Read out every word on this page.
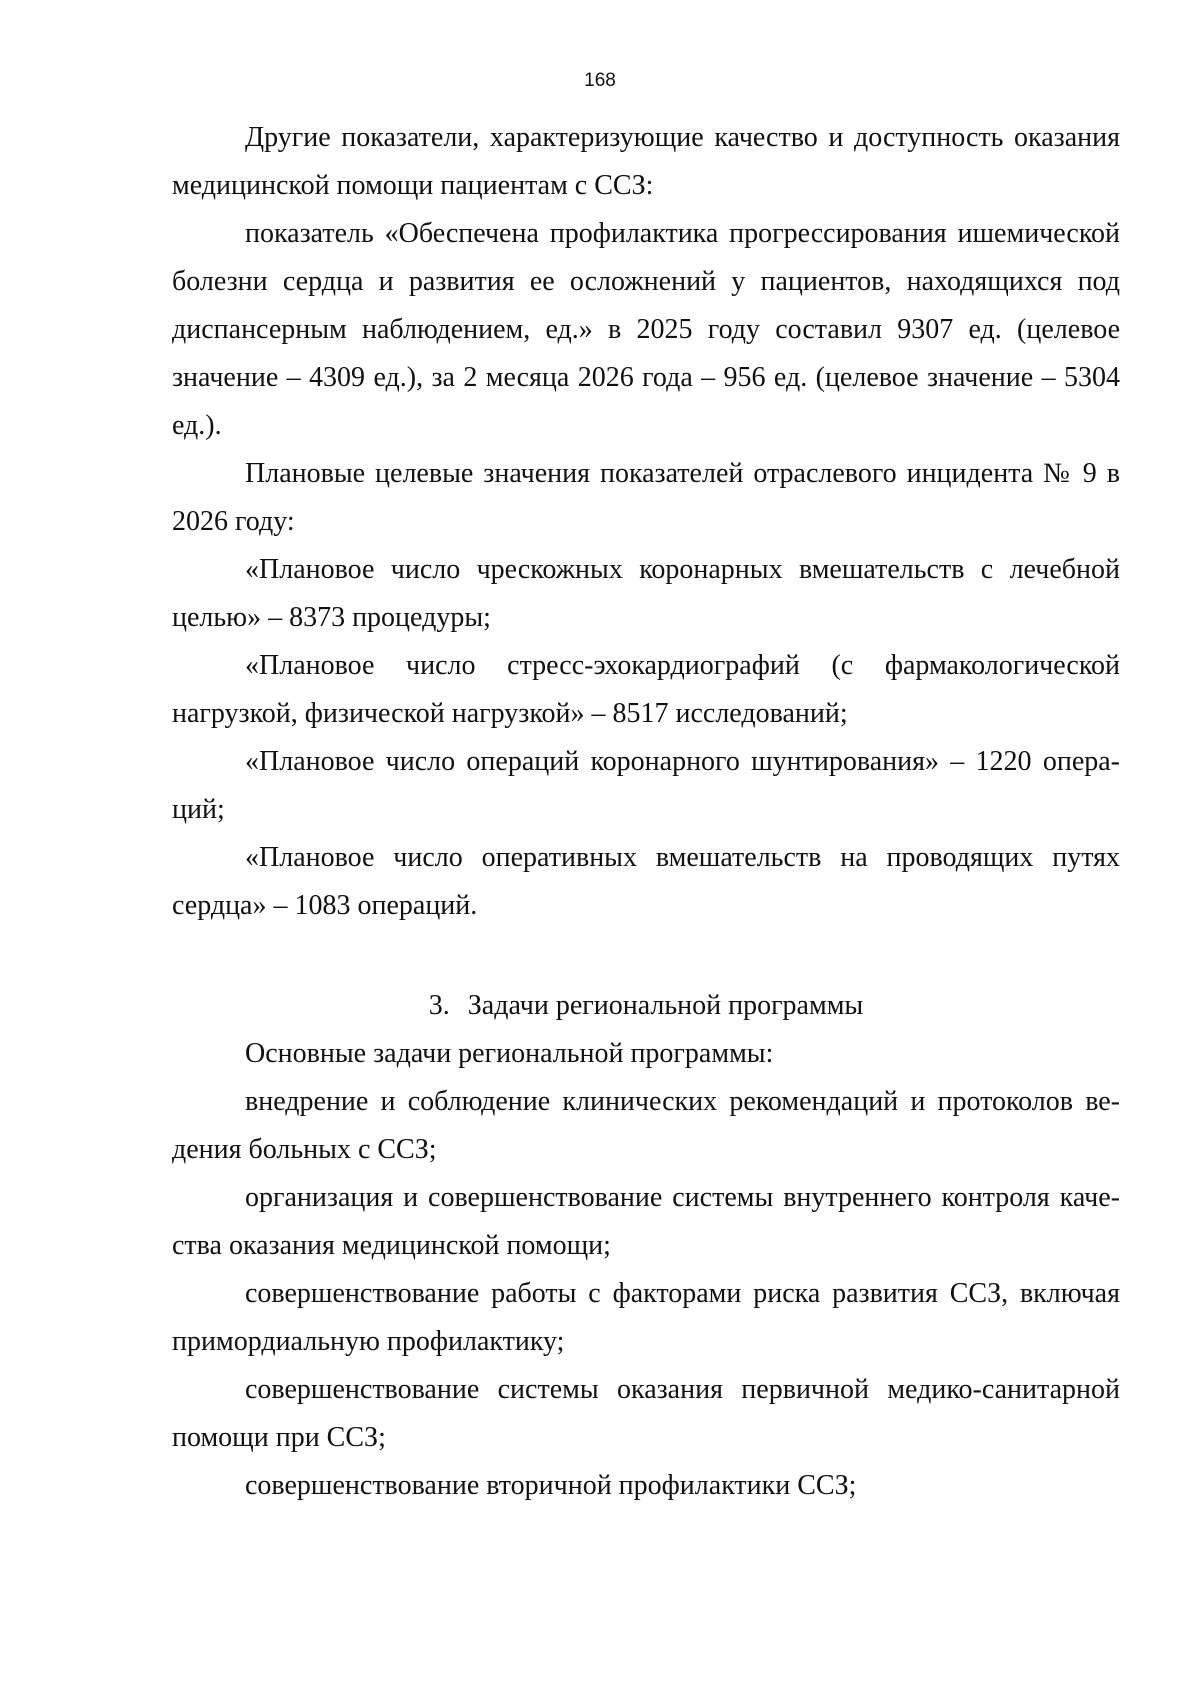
168

Другие показатели, характеризующие качество и доступность оказания медицинской помощи пациентам с ССЗ:

показатель «Обеспечена профилактика прогрессирования ишемической болезни сердца и развития ее осложнений у пациентов, находящихся под диспансерным наблюдением, ед.» в 2025 году составил 9307 ед. (целевое значение – 4309 ед.), за 2 месяца 2026 года – 956 ед. (целевое значение – 5304 ед.).

Плановые целевые значения показателей отраслевого инцидента № 9 в 2026 году:

«Плановое число чрескожных коронарных вмешательств с лечебной целью» – 8373 процедуры;

«Плановое число стресс-эхокардиографий (с фармакологической нагрузкой, физической нагрузкой» – 8517 исследований;

«Плановое число операций коронарного шунтирования» – 1220 опера-ций;

«Плановое число оперативных вмешательств на проводящих путях сердца» – 1083 операций.

3. Задачи региональной программы

Основные задачи региональной программы:

внедрение и соблюдение клинических рекомендаций и протоколов ве-дения больных с ССЗ;

организация и совершенствование системы внутреннего контроля каче-ства оказания медицинской помощи;

совершенствование работы с факторами риска развития ССЗ, включая примордиальную профилактику;

совершенствование системы оказания первичной медико-санитарной помощи при ССЗ;

совершенствование вторичной профилактики ССЗ;
